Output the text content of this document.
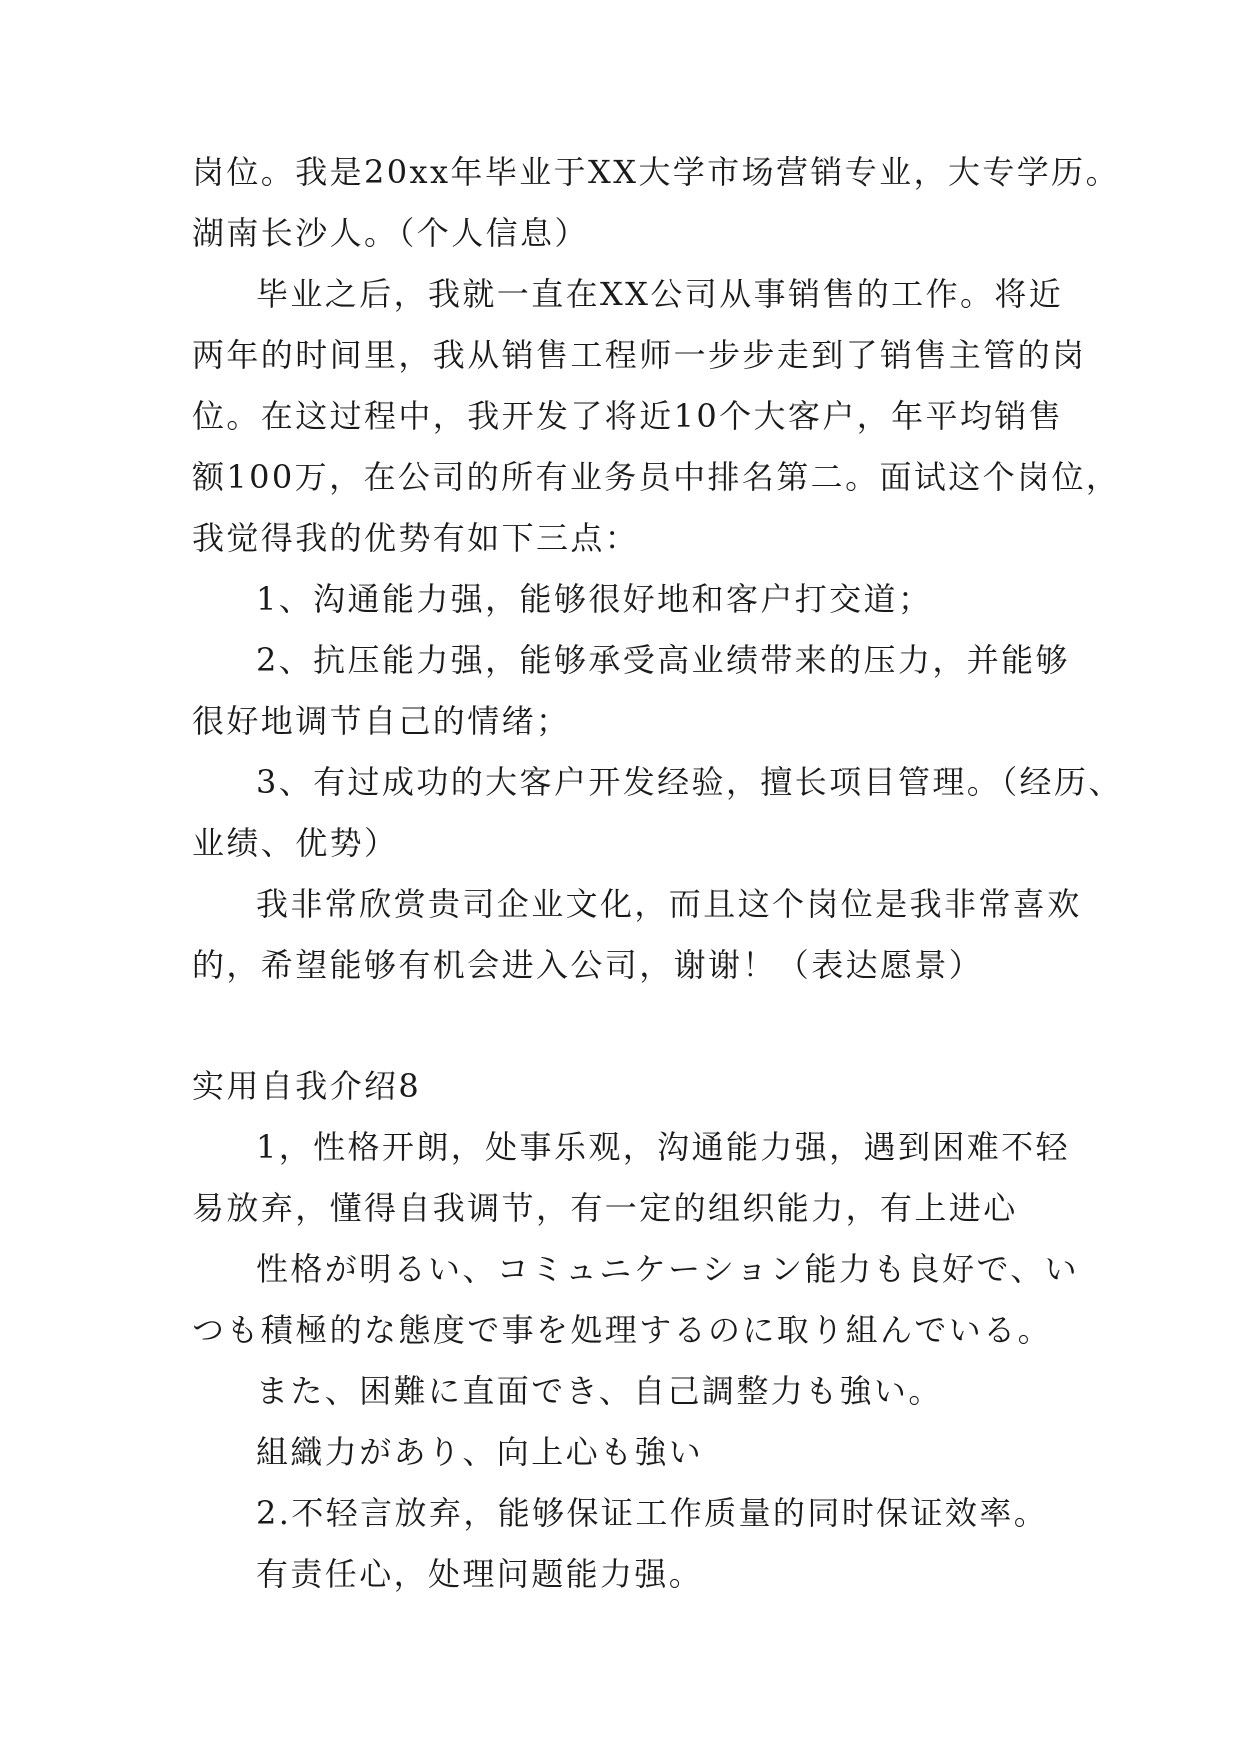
岗位。我是20xx年毕业于XX大学市场营销专业，大专学历。
湖南长沙人。（个人信息）
毕业之后，我就一直在XX公司从事销售的工作。将近
两年的时间里，我从销售工程师一步步走到了销售主管的岗
位。在这过程中，我开发了将近10个大客户，年平均销售
额100万，在公司的所有业务员中排名第二。面试这个岗位，
我觉得我的优势有如下三点：
1、沟通能力强，能够很好地和客户打交道；
2、抗压能力强，能够承受高业绩带来的压力，并能够
很好地调节自己的情绪；
3、有过成功的大客户开发经验，擅长项目管理。（经历、
业绩、优势）
我非常欣赏贵司企业文化，而且这个岗位是我非常喜欢
的，希望能够有机会进入公司，谢谢！（表达愿景）
实用自我介绍8
1，性格开朗，处事乐观，沟通能力强，遇到困难不轻
易放弃，懂得自我调节，有一定的组织能力，有上进心
性格が明るい、コミュニケーション能力も良好で、い
つも積極的な態度で事を処理するのに取り組んでいる。
また、困難に直面でき、自己調整力も強い。
組織力があり、向上心も強い
2.不轻言放弃，能够保证工作质量的同时保证效率。
有责任心，处理问题能力强。
